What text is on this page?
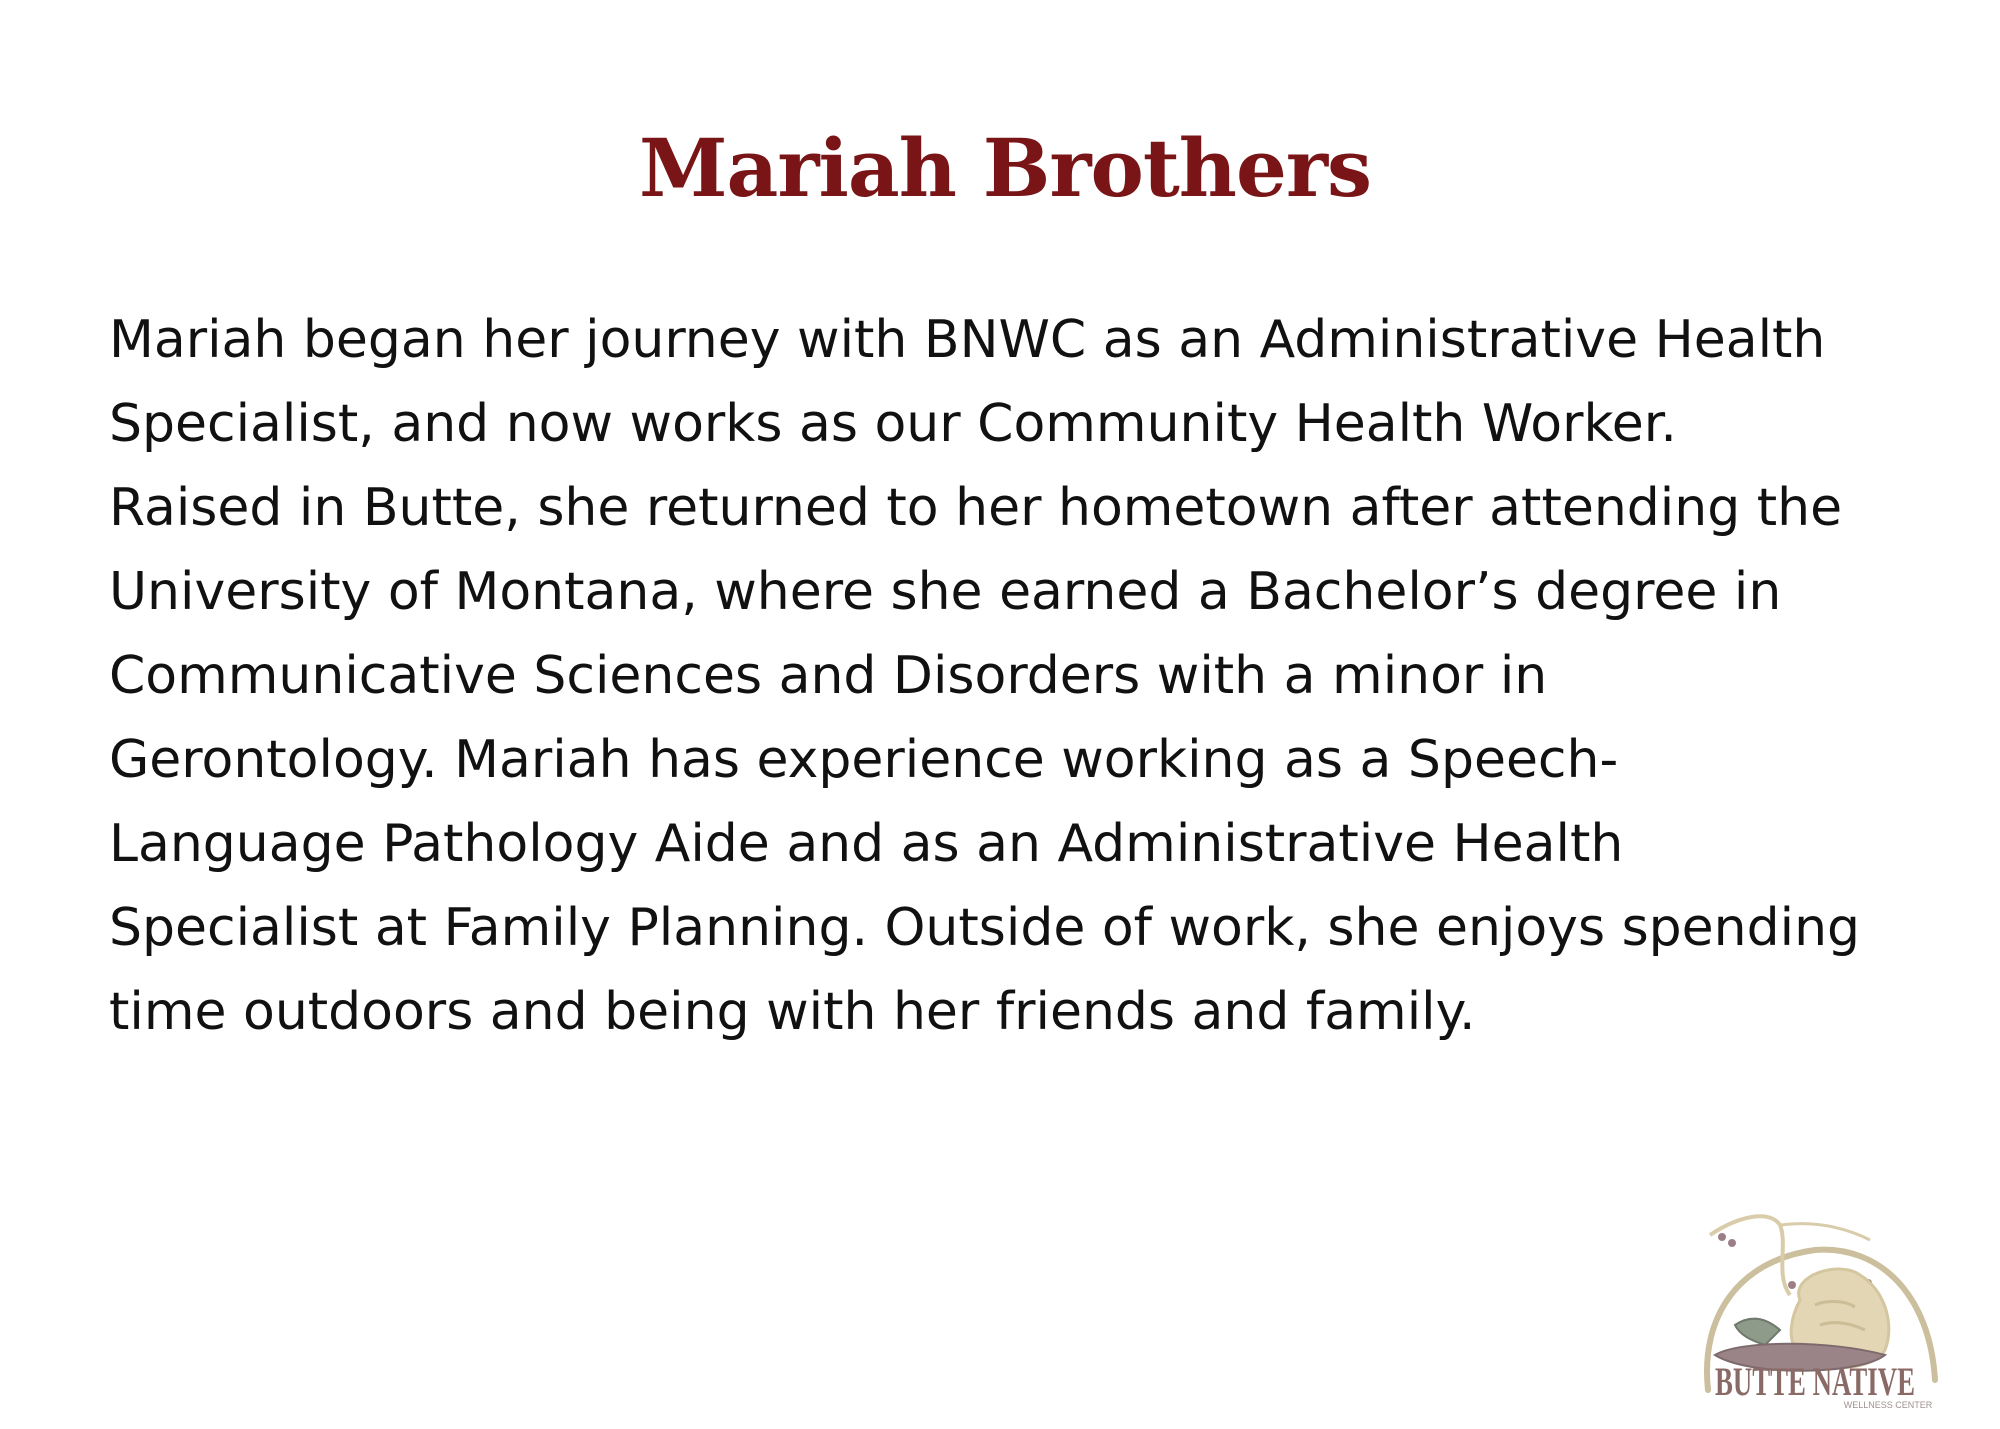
Mariah Brothers
Mariah began her journey with BNWC as an Administrative Health
Specialist, and now works as our Community Health Worker.
Raised in Butte, she returned to her hometown after attending the
University of Montana, where she earned a Bachelor’s degree in
Communicative Sciences and Disorders with a minor in
Gerontology. Mariah has experience working as a Speech-
Language Pathology Aide and as an Administrative Health
Specialist at Family Planning. Outside of work, she enjoys spending
time outdoors and being with her friends and family.
BUTTE NATIVE
WELLNESS CENTER
